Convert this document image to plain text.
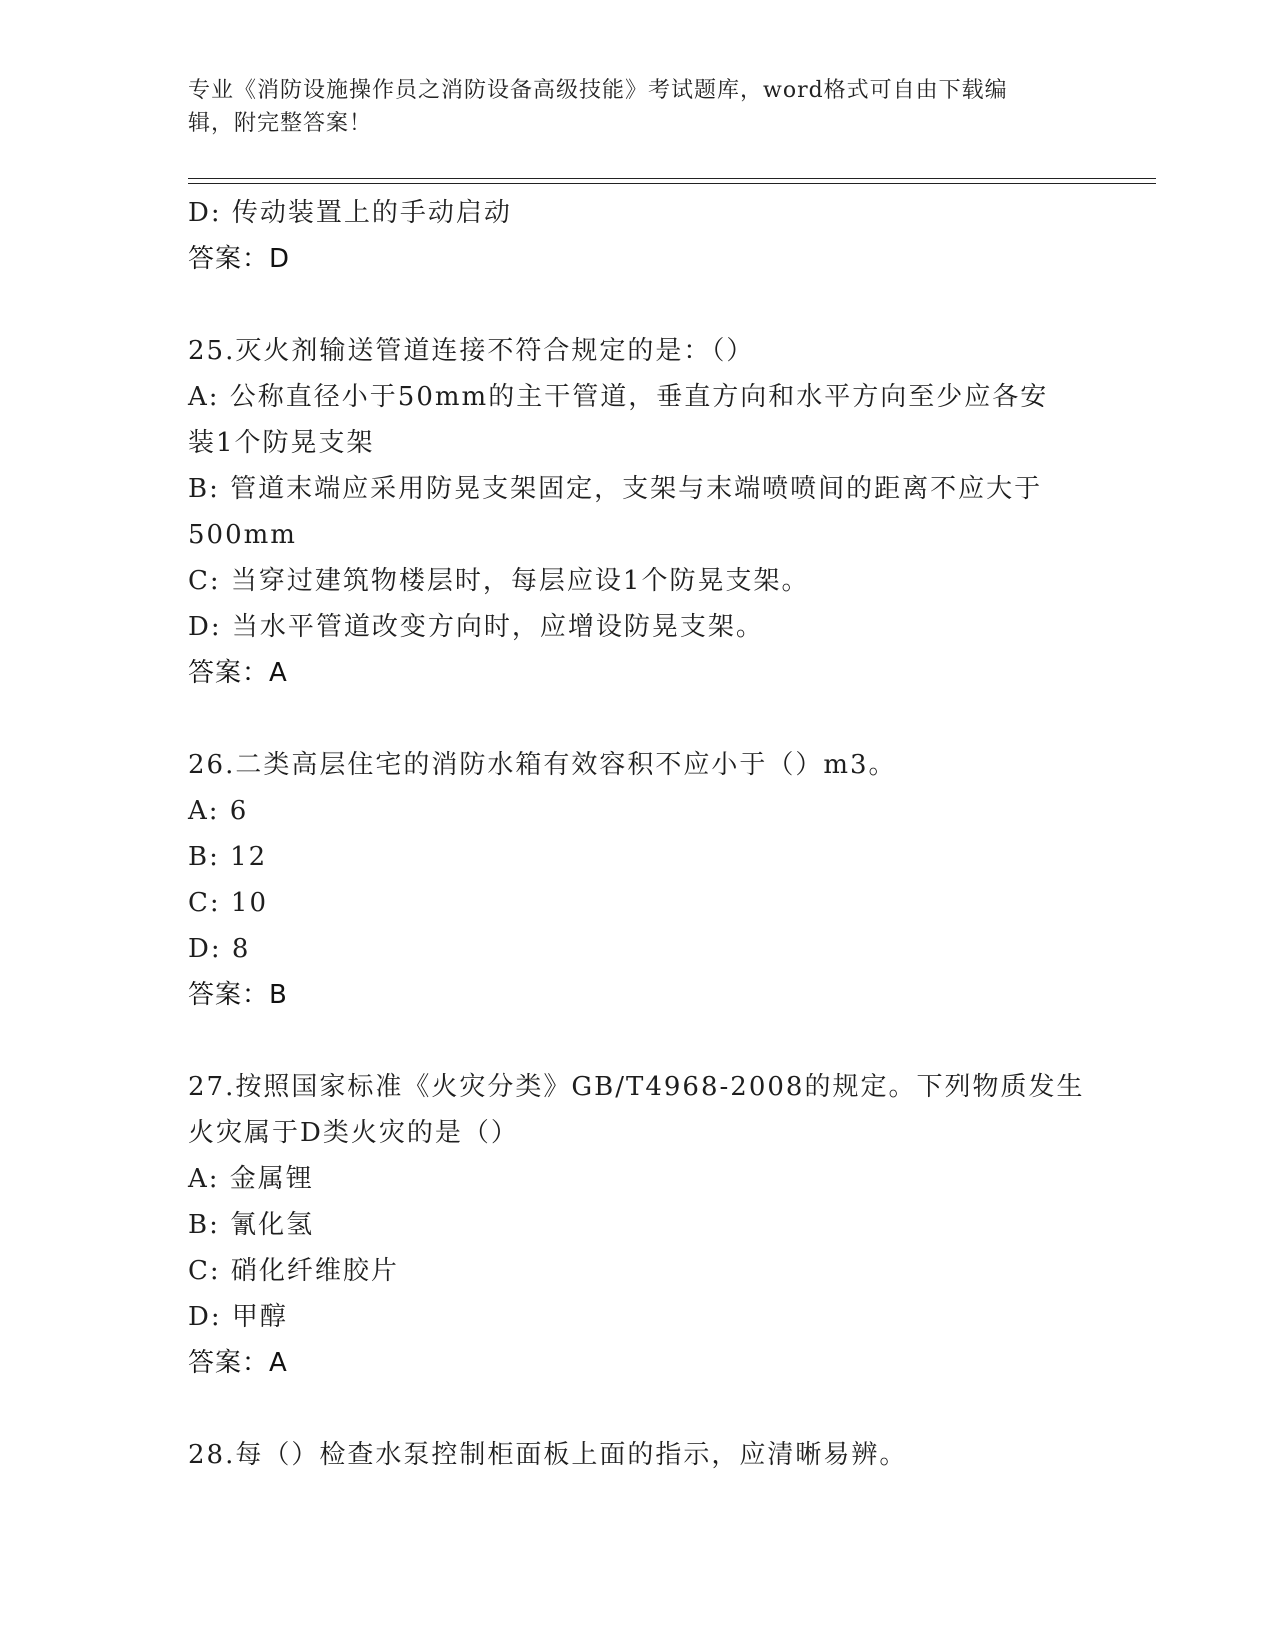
专业《消防设施操作员之消防设备高级技能》考试题库，word格式可自由下载编
辑，附完整答案！
D: 传动装置上的手动启动
答案：D
25.灭火剂输送管道连接不符合规定的是：（）
A: 公称直径小于50mm的主干管道，垂直方向和水平方向至少应各安
装1个防晃支架
B: 管道末端应采用防晃支架固定，支架与末端喷喷间的距离不应大于
500mm
C: 当穿过建筑物楼层时，每层应设1个防晃支架。
D: 当水平管道改变方向时，应增设防晃支架。
答案：A
26.二类高层住宅的消防水箱有效容积不应小于（）m3。
A: 6
B: 12
C: 10
D: 8
答案：B
27.按照国家标准《火灾分类》GB/T4968-2008的规定。下列物质发生
火灾属于D类火灾的是（）
A: 金属锂
B: 氰化氢
C: 硝化纤维胶片
D: 甲醇
答案：A
28.每（）检查水泵控制柜面板上面的指示，应清晰易辨。
